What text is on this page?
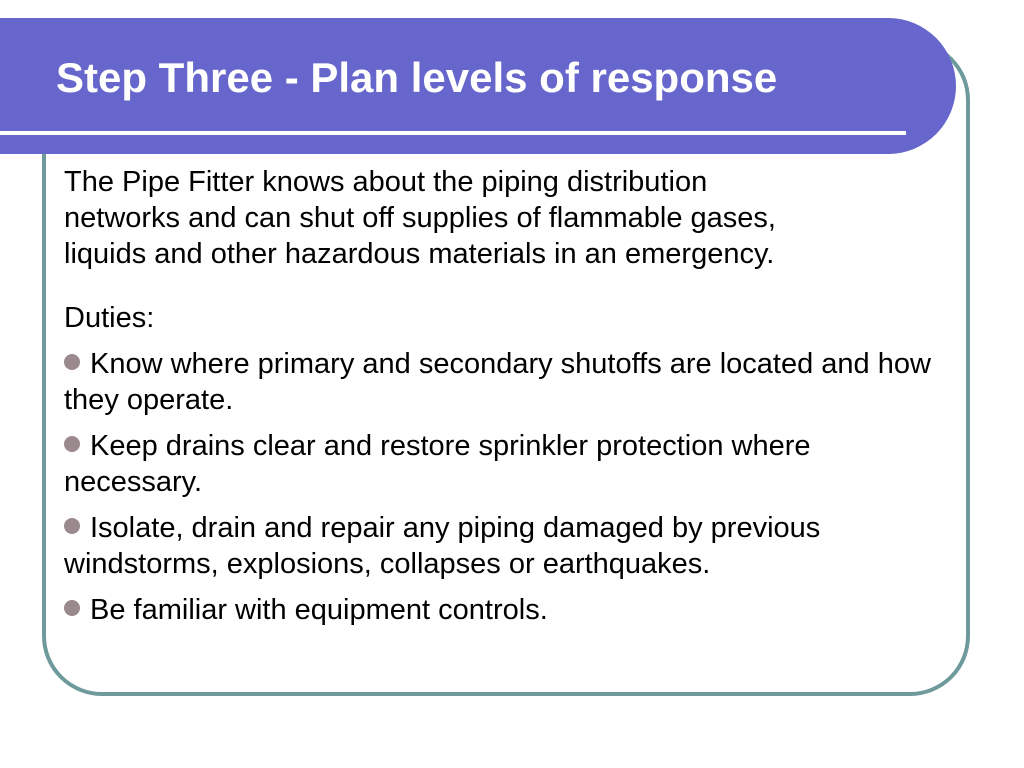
Step Three - Plan levels of response

The Pipe Fitter knows about the piping distribution
networks and can shut off supplies of flammable gases,
liquids and other hazardous materials in an emergency.

Duties:

Know where primary and secondary shutoffs are located and how they operate.
Keep drains clear and restore sprinkler protection where necessary.
Isolate, drain and repair any piping damaged by previous windstorms, explosions, collapses or earthquakes.
Be familiar with equipment controls.
